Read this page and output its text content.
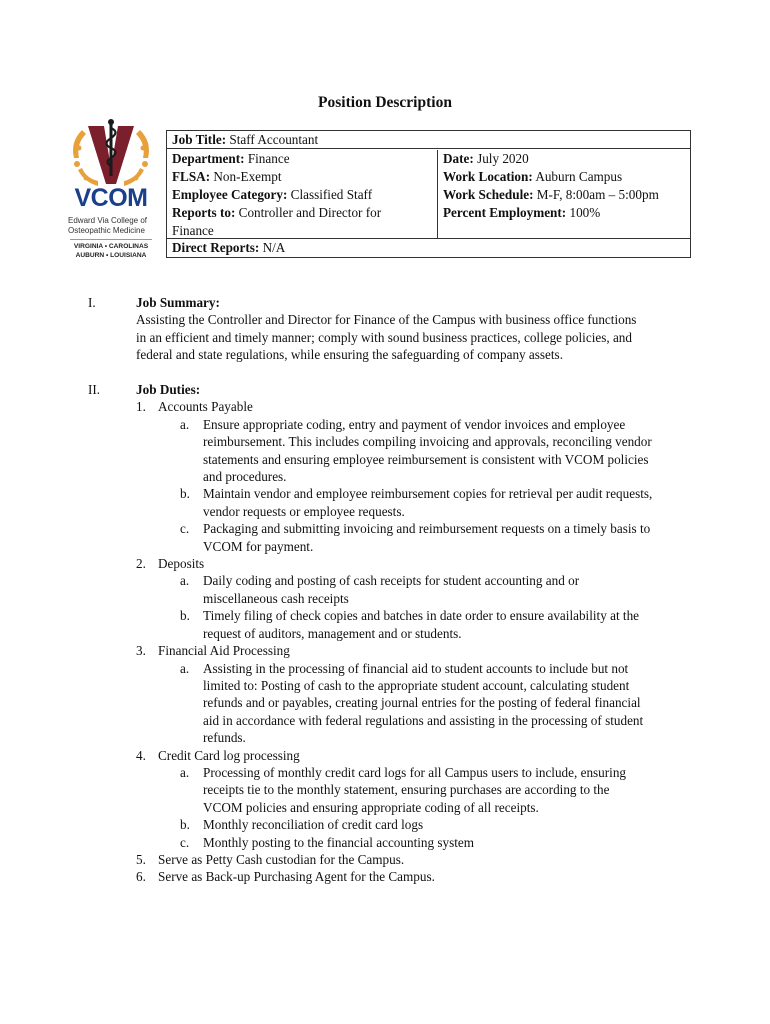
Position Description
VCOM
Edward Via College of Osteopathic Medicine
VIRGINIA • CAROLINAS
AUBURN • LOUISIANA
Job Title: Staff Accountant
Department: Finance
FLSA: Non-Exempt
Employee Category: Classified Staff
Reports to: Controller and Director for
Finance
Date: July 2020
Work Location: Auburn Campus
Work Schedule: M-F, 8:00am – 5:00pm
Percent Employment: 100%
Direct Reports: N/A
I.	Job Summary:
Assisting the Controller and Director for Finance of the Campus with business office functions
in an efficient and timely manner; comply with sound business practices, college policies, and
federal and state regulations, while ensuring the safeguarding of company assets.
II.	Job Duties:
1. Accounts Payable
a. Ensure appropriate coding, entry and payment of vendor invoices and employee
reimbursement. This includes compiling invoicing and approvals, reconciling vendor
statements and ensuring employee reimbursement is consistent with VCOM policies
and procedures.
b. Maintain vendor and employee reimbursement copies for retrieval per audit requests,
vendor requests or employee requests.
c. Packaging and submitting invoicing and reimbursement requests on a timely basis to
VCOM for payment.
2. Deposits
a. Daily coding and posting of cash receipts for student accounting and or
miscellaneous cash receipts
b. Timely filing of check copies and batches in date order to ensure availability at the
request of auditors, management and or students.
3. Financial Aid Processing
a. Assisting in the processing of financial aid to student accounts to include but not
limited to: Posting of cash to the appropriate student account, calculating student
refunds and or payables, creating journal entries for the posting of federal financial
aid in accordance with federal regulations and assisting in the processing of student
refunds.
4. Credit Card log processing
a. Processing of monthly credit card logs for all Campus users to include, ensuring
receipts tie to the monthly statement, ensuring purchases are according to the
VCOM policies and ensuring appropriate coding of all receipts.
b. Monthly reconciliation of credit card logs
c. Monthly posting to the financial accounting system
5. Serve as Petty Cash custodian for the Campus.
6. Serve as Back-up Purchasing Agent for the Campus.
